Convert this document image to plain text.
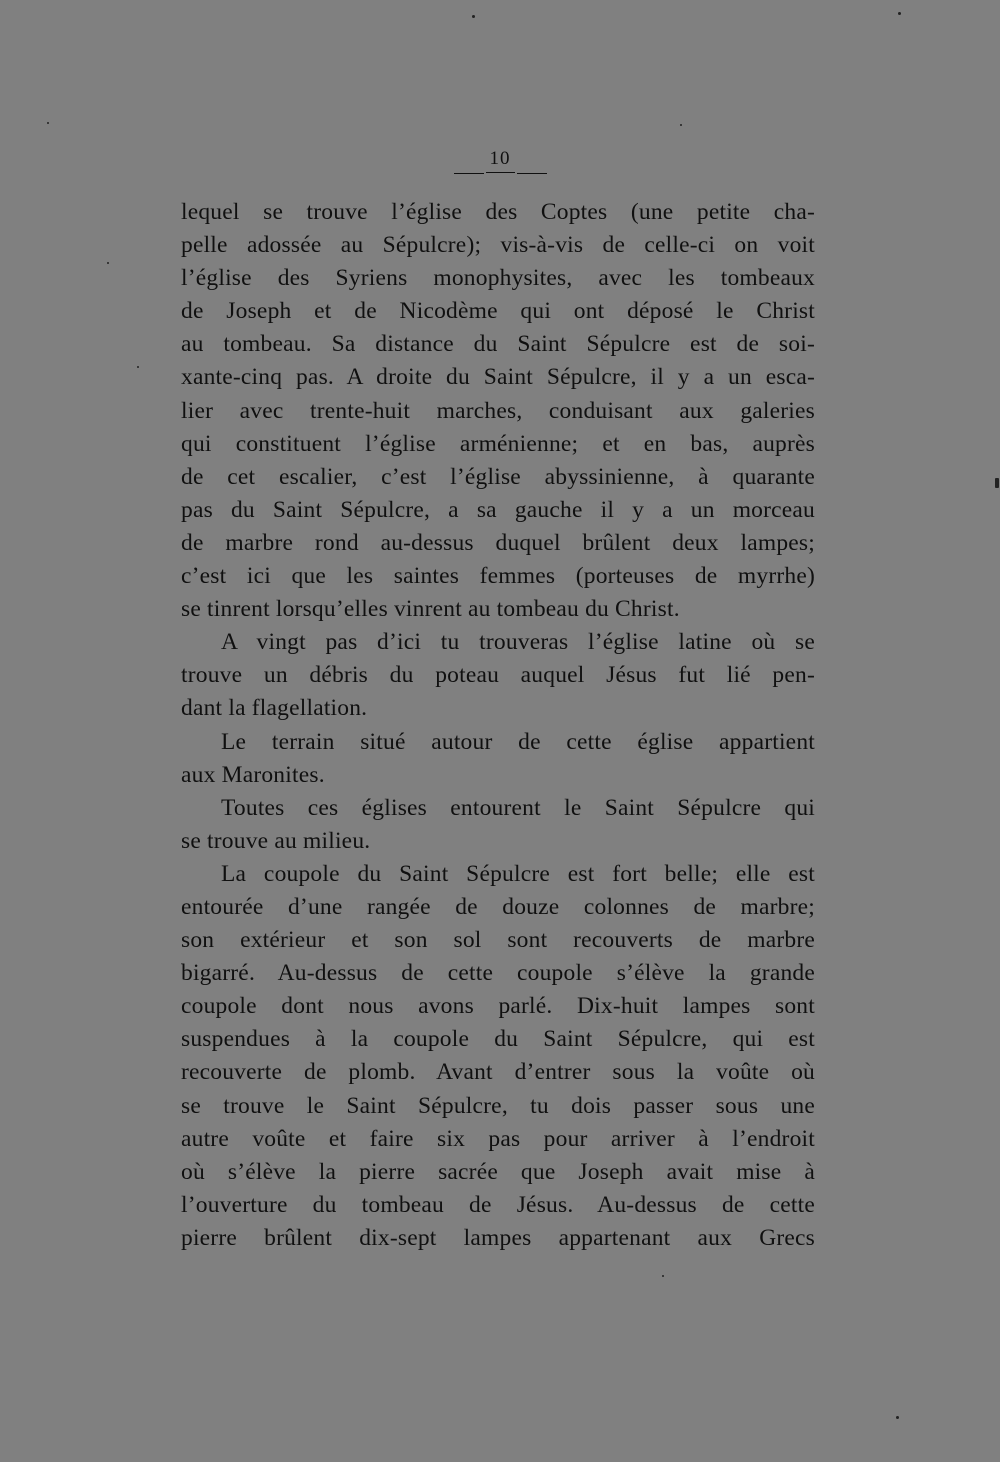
10
lequel se trouve l’église des Coptes (une petite cha-
pelle adossée au Sépulcre); vis-à-vis de celle-ci on voit
l’église des Syriens monophysites, avec les tombeaux
de Joseph et de Nicodème qui ont déposé le Christ
au tombeau. Sa distance du Saint Sépulcre est de soi-
xante-cinq pas. A droite du Saint Sépulcre, il y a un esca-
lier avec trente-huit marches, conduisant aux galeries
qui constituent l’église arménienne; et en bas, auprès
de cet escalier, c’est l’église abyssinienne, à quarante
pas du Saint Sépulcre, a sa gauche il y a un morceau
de marbre rond au-dessus duquel brûlent deux lampes;
c’est ici que les saintes femmes (porteuses de myrrhe)
se tinrent lorsqu’elles vinrent au tombeau du Christ.
A vingt pas d’ici tu trouveras l’église latine où se
trouve un débris du poteau auquel Jésus fut lié pen-
dant la flagellation.
Le terrain situé autour de cette église appartient
aux Maronites.
Toutes ces églises entourent le Saint Sépulcre qui
se trouve au milieu.
La coupole du Saint Sépulcre est fort belle; elle est
entourée d’une rangée de douze colonnes de marbre;
son extérieur et son sol sont recouverts de marbre
bigarré. Au-dessus de cette coupole s’élève la grande
coupole dont nous avons parlé. Dix-huit lampes sont
suspendues à la coupole du Saint Sépulcre, qui est
recouverte de plomb. Avant d’entrer sous la voûte où
se trouve le Saint Sépulcre, tu dois passer sous une
autre voûte et faire six pas pour arriver à l’endroit
où s’élève la pierre sacrée que Joseph avait mise à
l’ouverture du tombeau de Jésus. Au-dessus de cette
pierre brûlent dix-sept lampes appartenant aux Grecs
